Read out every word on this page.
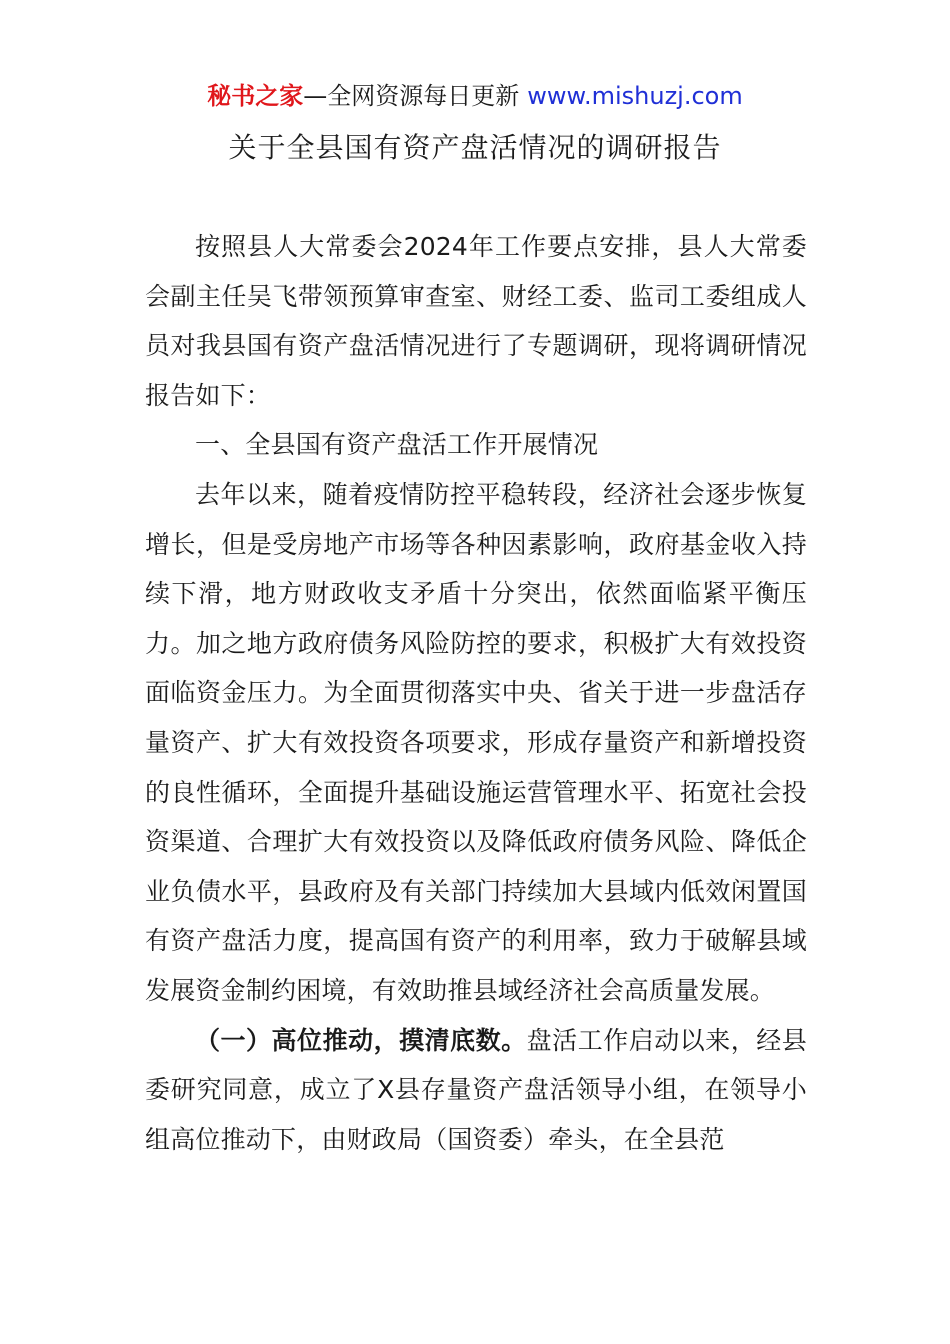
秘书之家—全网资源每日更新 www.mishuzj.com
关于全县国有资产盘活情况的调研报告

按照县人大常委会2024年工作要点安排，县人大常委会副主任吴飞带领预算审查室、财经工委、监司工委组成人员对我县国有资产盘活情况进行了专题调研，现将调研情况报告如下：

一、全县国有资产盘活工作开展情况

去年以来，随着疫情防控平稳转段，经济社会逐步恢复增长，但是受房地产市场等各种因素影响，政府基金收入持续下滑，地方财政收支矛盾十分突出，依然面临紧平衡压力。加之地方政府债务风险防控的要求，积极扩大有效投资面临资金压力。为全面贯彻落实中央、省关于进一步盘活存量资产、扩大有效投资各项要求，形成存量资产和新增投资的良性循环，全面提升基础设施运营管理水平、拓宽社会投资渠道、合理扩大有效投资以及降低政府债务风险、降低企业负债水平，县政府及有关部门持续加大县域内低效闲置国有资产盘活力度，提高国有资产的利用率，致力于破解县域发展资金制约困境，有效助推县域经济社会高质量发展。

（一）高位推动，摸清底数。盘活工作启动以来，经县委研究同意，成立了X县存量资产盘活领导小组，在领导小组高位推动下，由财政局（国资委）牵头，在全县范
